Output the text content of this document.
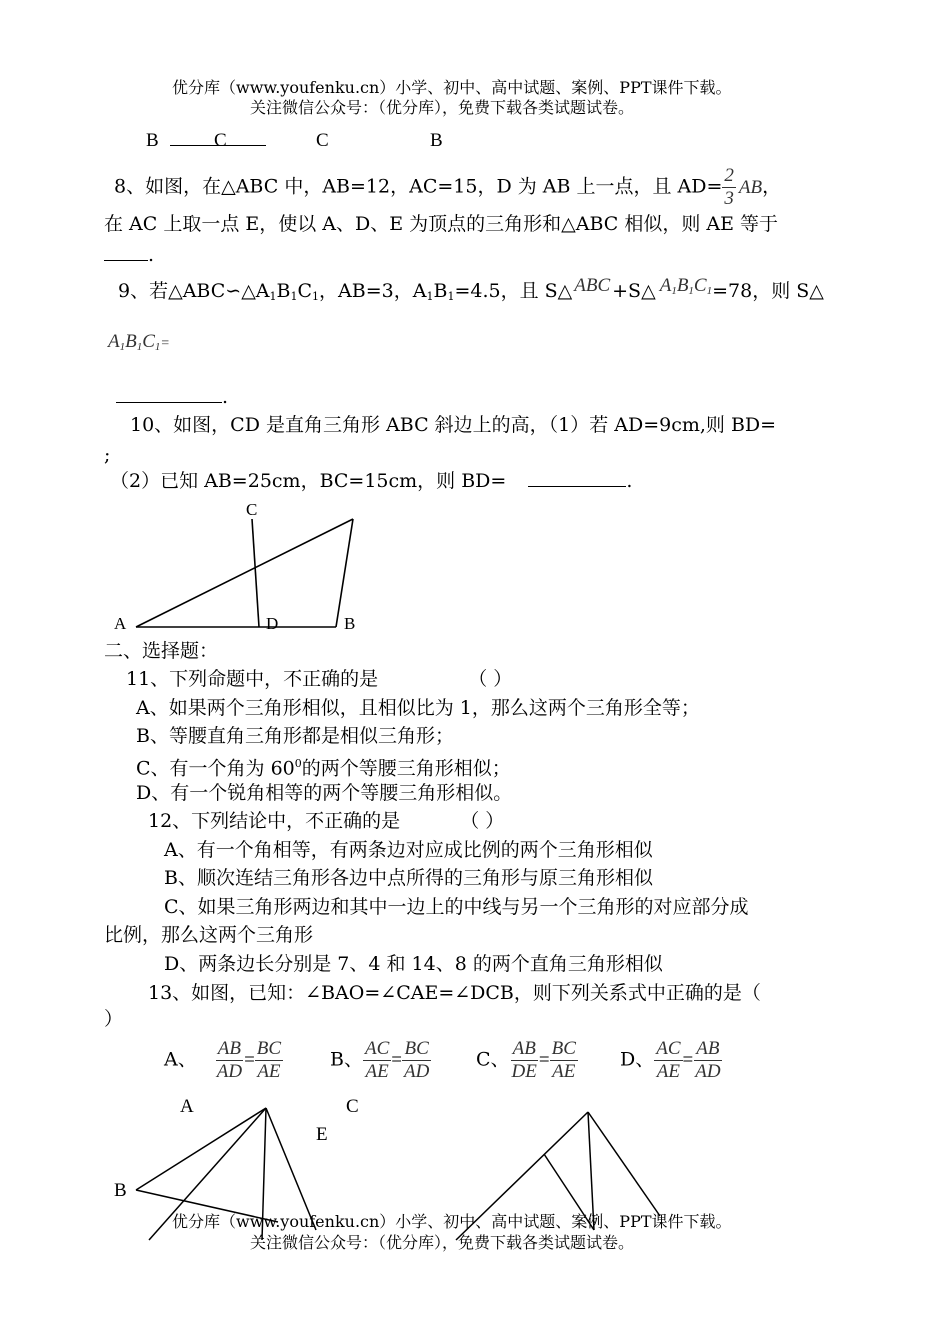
优分库（www.youfenku.cn）小学、初中、高中试题、案例、PPT课件下载。
关注微信公众号：（优分库），免费下载各类试题试卷。
B	C	C	B
8、如图，在△ABC 中，AB=12，AC=15，D 为 AB 上一点，且 $AD= \frac{2}{3}$ AB，
在 AC 上取一点 E，使以 A、D、E 为顶点的三角形和△ABC 相似，则 AE 等于
.
9、若$\triangle ABC∽\triangle A_1B_1C_1$，AB=3，$A_1B_1=4.5$，且 S△ ABC +S△ $A_1B_1C_1=78$，则 S△
$A_1B_1C_1=$
.
10、如图，CD 是直角三角形 ABC 斜边上的高，（1）若 AD=9cm,则 BD=
;
（2）已知 AB=25cm，BC=15cm，则 BD=	.
C
A	D	B
二、选择题：
11、下列命题中，不正确的是	（ ）
A、如果两个三角形相似，且相似比为 1，那么这两个三角形全等；
B、等腰直角三角形都是相似三角形；
C、有一个角为 $60^0$的两个等腰三角形相似；
D、有一个锐角相等的两个等腰三角形相似。
12、下列结论中，不正确的是	（ ）
A、有一个角相等，有两条边对应成比例的两个三角形相似
B、顺次连结三角形各边中点所得的三角形与原三角形相似
C、如果三角形两边和其中一边上的中线与另一个三角形的对应部分成
比例，那么这两个三角形
D、两条边长分别是 7、4 和 14、8 的两个直角三角形相似
13、如图，已知：∠BAO=∠CAE=∠DCB，则下列关系式中正确的是（
）
A、 $\frac{AB}{AD} = \frac{BC}{AE}$ B、 $\frac{AC}{AE} = \frac{BC}{AD}$ C、 $\frac{AB}{DE} = \frac{BC}{AE}$ D、 $\frac{AC}{AE} = \frac{AB}{AD}$
A	C
E
B
优分库（www.youfenku.cn）小学、初中、高中试题、案例、PPT课件下载。
关注微信公众号：（优分库），免费下载各类试题试卷。
